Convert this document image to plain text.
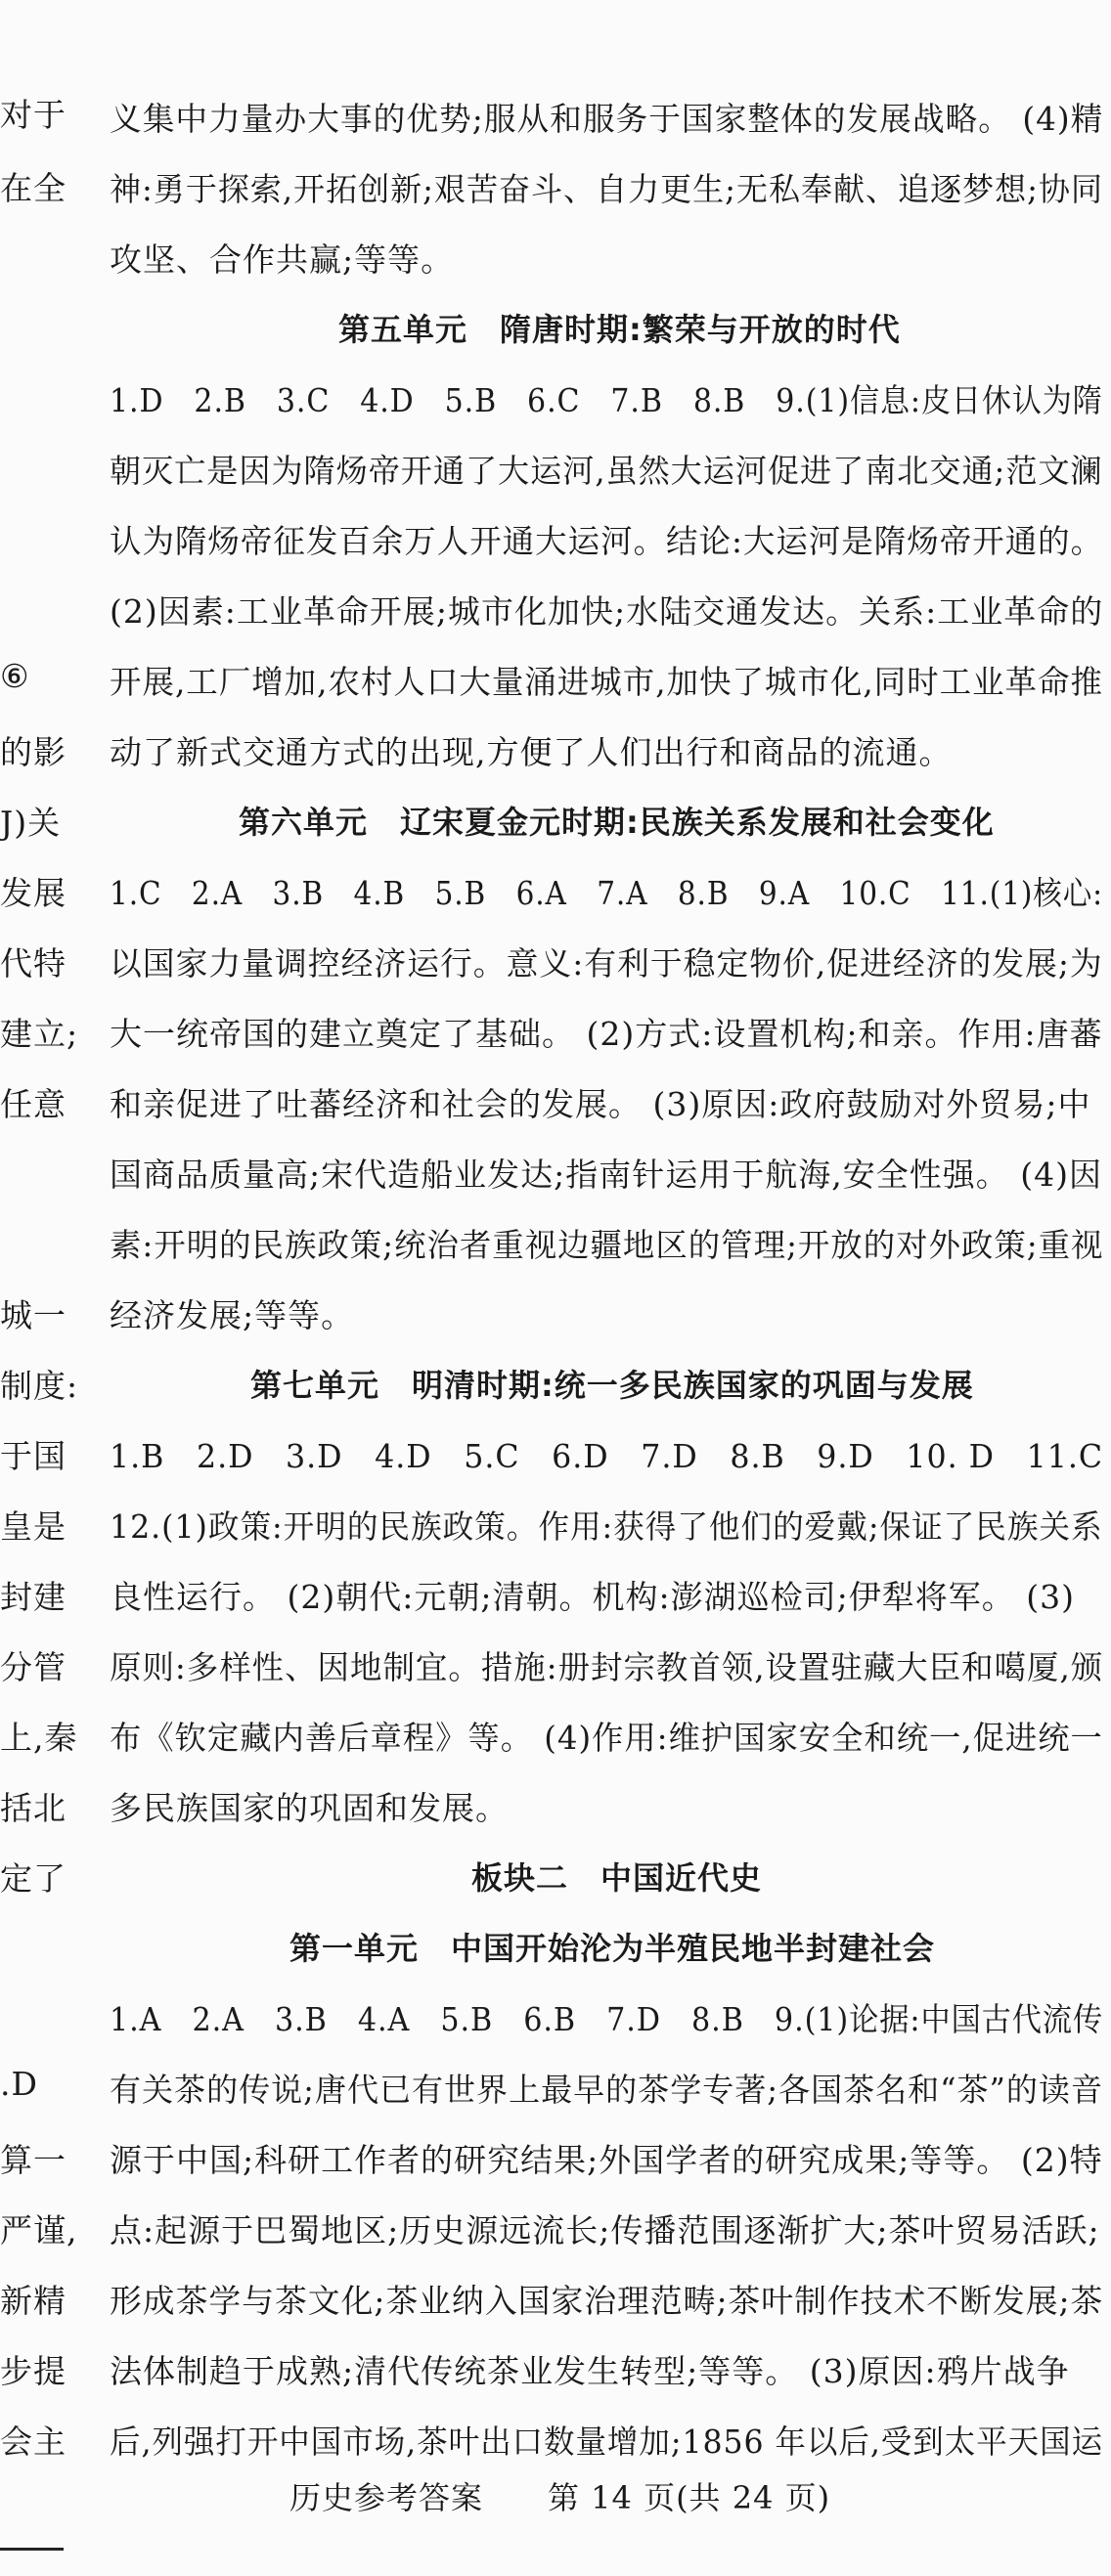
对于
在全
⑥
的影
J)关
发展
代特
建立;
任意
城一
制度:
于国
皇是
封建
分管
上,秦
括北
定了
.D
算一
严谨,
新精
步提
会主
义集中力量办大事的优势;服从和服务于国家整体的发展战略。 (4)精
神:勇于探索,开拓创新;艰苦奋斗、自力更生;无私奉献、追逐梦想;协同
攻坚、合作共赢;等等。
第五单元　隋唐时期:繁荣与开放的时代
1.D　2.B　3.C　4.D　5.B　6.C　7.B　8.B　9.(1)信息:皮日休认为隋
朝灭亡是因为隋炀帝开通了大运河,虽然大运河促进了南北交通;范文澜
认为隋炀帝征发百余万人开通大运河。结论:大运河是隋炀帝开通的。
(2)因素:工业革命开展;城市化加快;水陆交通发达。关系:工业革命的
开展,工厂增加,农村人口大量涌进城市,加快了城市化,同时工业革命推
动了新式交通方式的出现,方便了人们出行和商品的流通。
第六单元　辽宋夏金元时期:民族关系发展和社会变化
1.C　2.A　3.B　4.B　5.B　6.A　7.A　8.B　9.A　10.C　11.(1)核心:
以国家力量调控经济运行。意义:有利于稳定物价,促进经济的发展;为
大一统帝国的建立奠定了基础。 (2)方式:设置机构;和亲。作用:唐蕃
和亲促进了吐蕃经济和社会的发展。 (3)原因:政府鼓励对外贸易;中
国商品质量高;宋代造船业发达;指南针运用于航海,安全性强。 (4)因
素:开明的民族政策;统治者重视边疆地区的管理;开放的对外政策;重视
经济发展;等等。
第七单元　明清时期:统一多民族国家的巩固与发展
1.B　2.D　3.D　4.D　5.C　6.D　7.D　8.B　9.D　10. D　11.C
12.(1)政策:开明的民族政策。作用:获得了他们的爱戴;保证了民族关系
良性运行。 (2)朝代:元朝;清朝。机构:澎湖巡检司;伊犁将军。 (3)
原则:多样性、因地制宜。措施:册封宗教首领,设置驻藏大臣和噶厦,颁
布《钦定藏内善后章程》等。 (4)作用:维护国家安全和统一,促进统一
多民族国家的巩固和发展。
板块二　中国近代史
第一单元　中国开始沦为半殖民地半封建社会
1.A　2.A　3.B　4.A　5.B　6.B　7.D　8.B　9.(1)论据:中国古代流传
有关茶的传说;唐代已有世界上最早的茶学专著;各国茶名和“茶”的读音
源于中国;科研工作者的研究结果;外国学者的研究成果;等等。 (2)特
点:起源于巴蜀地区;历史源远流长;传播范围逐渐扩大;茶叶贸易活跃;
形成茶学与茶文化;茶业纳入国家治理范畴;茶叶制作技术不断发展;茶
法体制趋于成熟;清代传统茶业发生转型;等等。 (3)原因:鸦片战争
后,列强打开中国市场,茶叶出口数量增加;1856 年以后,受到太平天国运
历史参考答案　　第 14 页(共 24 页)
